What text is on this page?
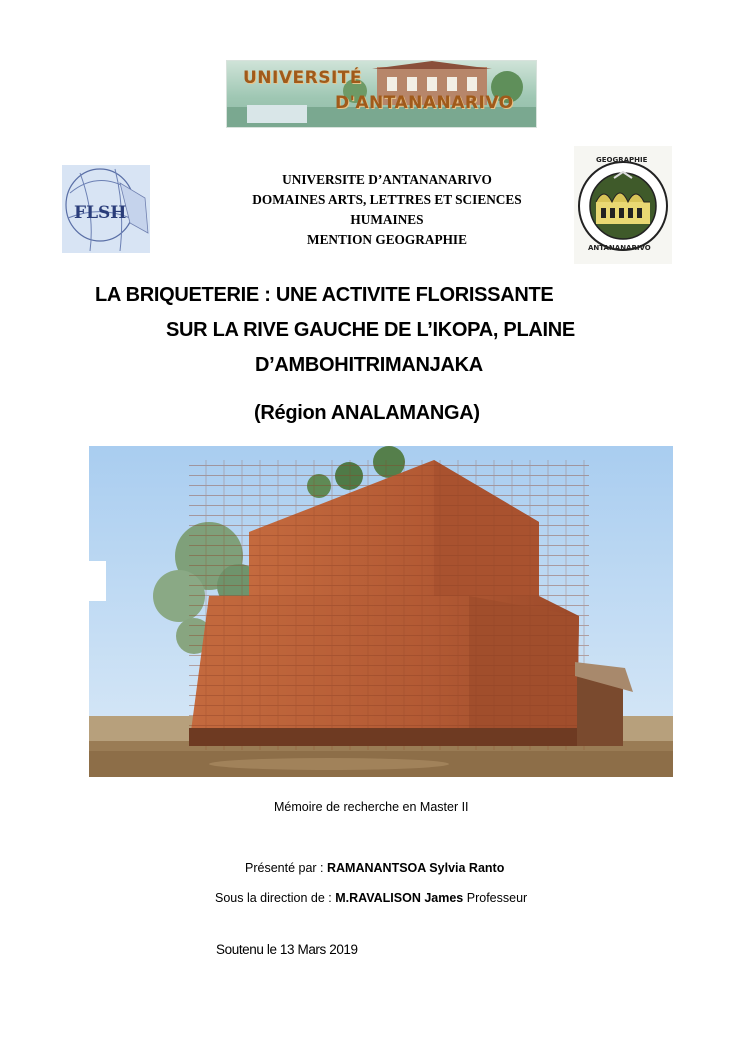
UNIVERSITÉ
D'ANTANANARIVO
FLSH
GEOGRAPHIE
ANTANANARIVO
UNIVERSITE D’ANTANANARIVO
DOMAINES ARTS, LETTRES ET SCIENCES
HUMAINES
MENTION GEOGRAPHIE
LA BRIQUETERIE : UNE ACTIVITE FLORISSANTE
SUR LA RIVE GAUCHE DE L’IKOPA, PLAINE
D’AMBOHITRIMANJAKA
(Région ANALAMANGA)
Mémoire de recherche en Master II
Présenté par : RAMANANTSOA Sylvia Ranto
Sous la direction de : M.RAVALISON James Professeur
Soutenu le 13 Mars 2019
